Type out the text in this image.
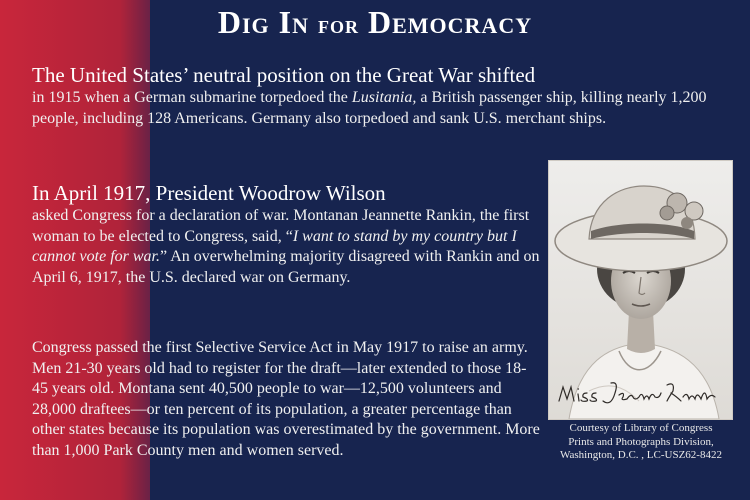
Dig In for Democracy
The United States’ neutral position on the Great War shifted
in 1915 when a German submarine torpedoed the Lusitania, a British passenger ship, killing nearly 1,200 people, including 128 Americans. Germany also torpedoed and sank U.S. merchant ships.
In April 1917, President Woodrow Wilson
asked Congress for a declaration of war. Montanan Jeannette Rankin, the first woman to be elected to Congress, said, “I want to stand by my country but I cannot vote for war.” An overwhelming majority disagreed with Rankin and on April 6, 1917, the U.S. declared war on Germany.
Congress passed the first Selective Service Act in May 1917 to raise an army. Men 21-30 years old had to register for the draft—later extended to those 18-45 years old. Montana sent 40,500 people to war—12,500 volunteers and 28,000 draftees—or ten percent of its population, a greater percentage than other states because its population was overestimated by the government. More than 1,000 Park County men and women served.
Courtesy of Library of Congress
Prints and Photographs Division,
Washington, D.C. , LC-USZ62-8422
